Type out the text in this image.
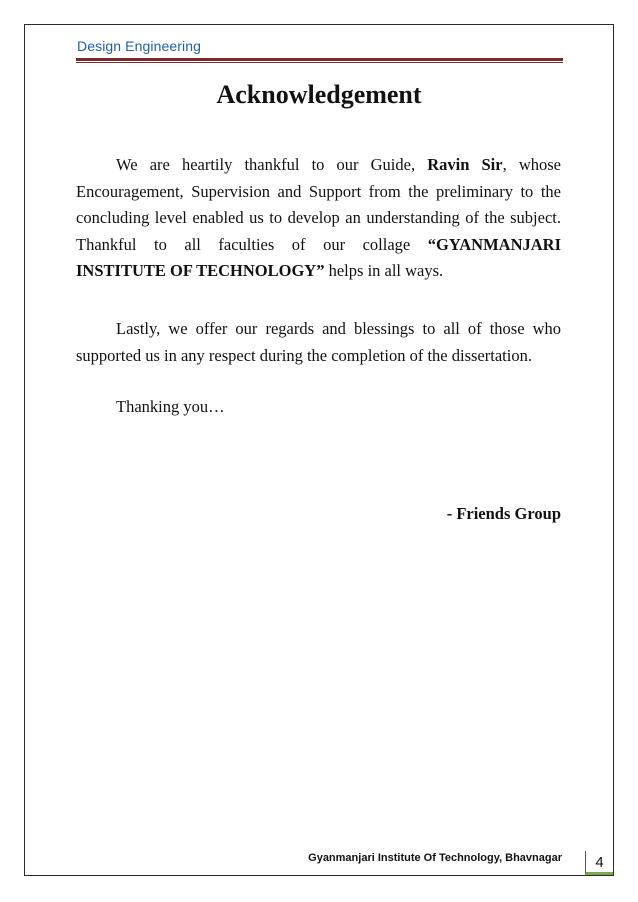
Design Engineering
Acknowledgement

We are heartily thankful to our Guide, Ravin Sir, whose Encouragement, Supervision and Support from the preliminary to the concluding level enabled us to develop an understanding of the subject. Thankful to all faculties of our collage “GYANMANJARI INSTITUTE OF TECHNOLOGY” helps in all ways.

Lastly, we offer our regards and blessings to all of those who supported us in any respect during the completion of the dissertation.

Thanking you…

- Friends Group
Gyanmanjari Institute Of Technology, Bhavnagar	4
